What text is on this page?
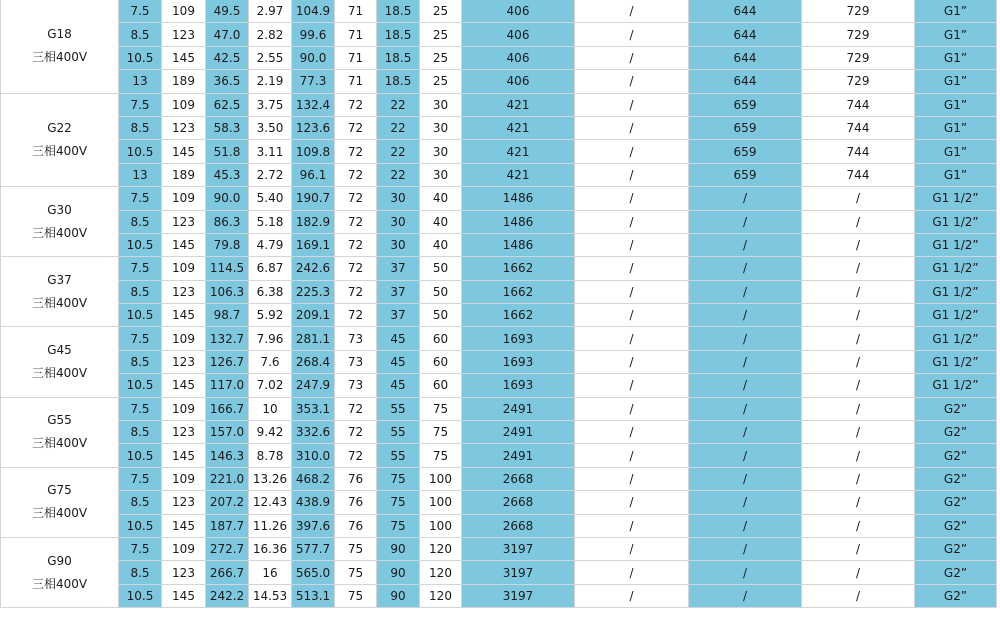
G18
三相400V	7.5	109	49.5	2.97	104.9	71	18.5	25	406	/	644	729	G1”
	8.5	123	47.0	2.82	99.6	71	18.5	25	406	/	644	729	G1”
	10.5	145	42.5	2.55	90.0	71	18.5	25	406	/	644	729	G1”
	13	189	36.5	2.19	77.3	71	18.5	25	406	/	644	729	G1”

G22
三相400V	7.5	109	62.5	3.75	132.4	72	22	30	421	/	659	744	G1”
	8.5	123	58.3	3.50	123.6	72	22	30	421	/	659	744	G1”
	10.5	145	51.8	3.11	109.8	72	22	30	421	/	659	744	G1”
	13	189	45.3	2.72	96.1	72	22	30	421	/	659	744	G1”

G30
三相400V	7.5	109	90.0	5.40	190.7	72	30	40	1486	/	/	/	G1 1/2”
	8.5	123	86.3	5.18	182.9	72	30	40	1486	/	/	/	G1 1/2”
	10.5	145	79.8	4.79	169.1	72	30	40	1486	/	/	/	G1 1/2”

G37
三相400V	7.5	109	114.5	6.87	242.6	72	37	50	1662	/	/	/	G1 1/2”
	8.5	123	106.3	6.38	225.3	72	37	50	1662	/	/	/	G1 1/2”
	10.5	145	98.7	5.92	209.1	72	37	50	1662	/	/	/	G1 1/2”

G45
三相400V	7.5	109	132.7	7.96	281.1	73	45	60	1693	/	/	/	G1 1/2”
	8.5	123	126.7	7.6	268.4	73	45	60	1693	/	/	/	G1 1/2”
	10.5	145	117.0	7.02	247.9	73	45	60	1693	/	/	/	G1 1/2”

G55
三相400V	7.5	109	166.7	10	353.1	72	55	75	2491	/	/	/	G2”
	8.5	123	157.0	9.42	332.6	72	55	75	2491	/	/	/	G2”
	10.5	145	146.3	8.78	310.0	72	55	75	2491	/	/	/	G2”

G75
三相400V	7.5	109	221.0	13.26	468.2	76	75	100	2668	/	/	/	G2”
	8.5	123	207.2	12.43	438.9	76	75	100	2668	/	/	/	G2”
	10.5	145	187.7	11.26	397.6	76	75	100	2668	/	/	/	G2”

G90
三相400V	7.5	109	272.7	16.36	577.7	75	90	120	3197	/	/	/	G2”
	8.5	123	266.7	16	565.0	75	90	120	3197	/	/	/	G2”
	10.5	145	242.2	14.53	513.1	75	90	120	3197	/	/	/	G2”
